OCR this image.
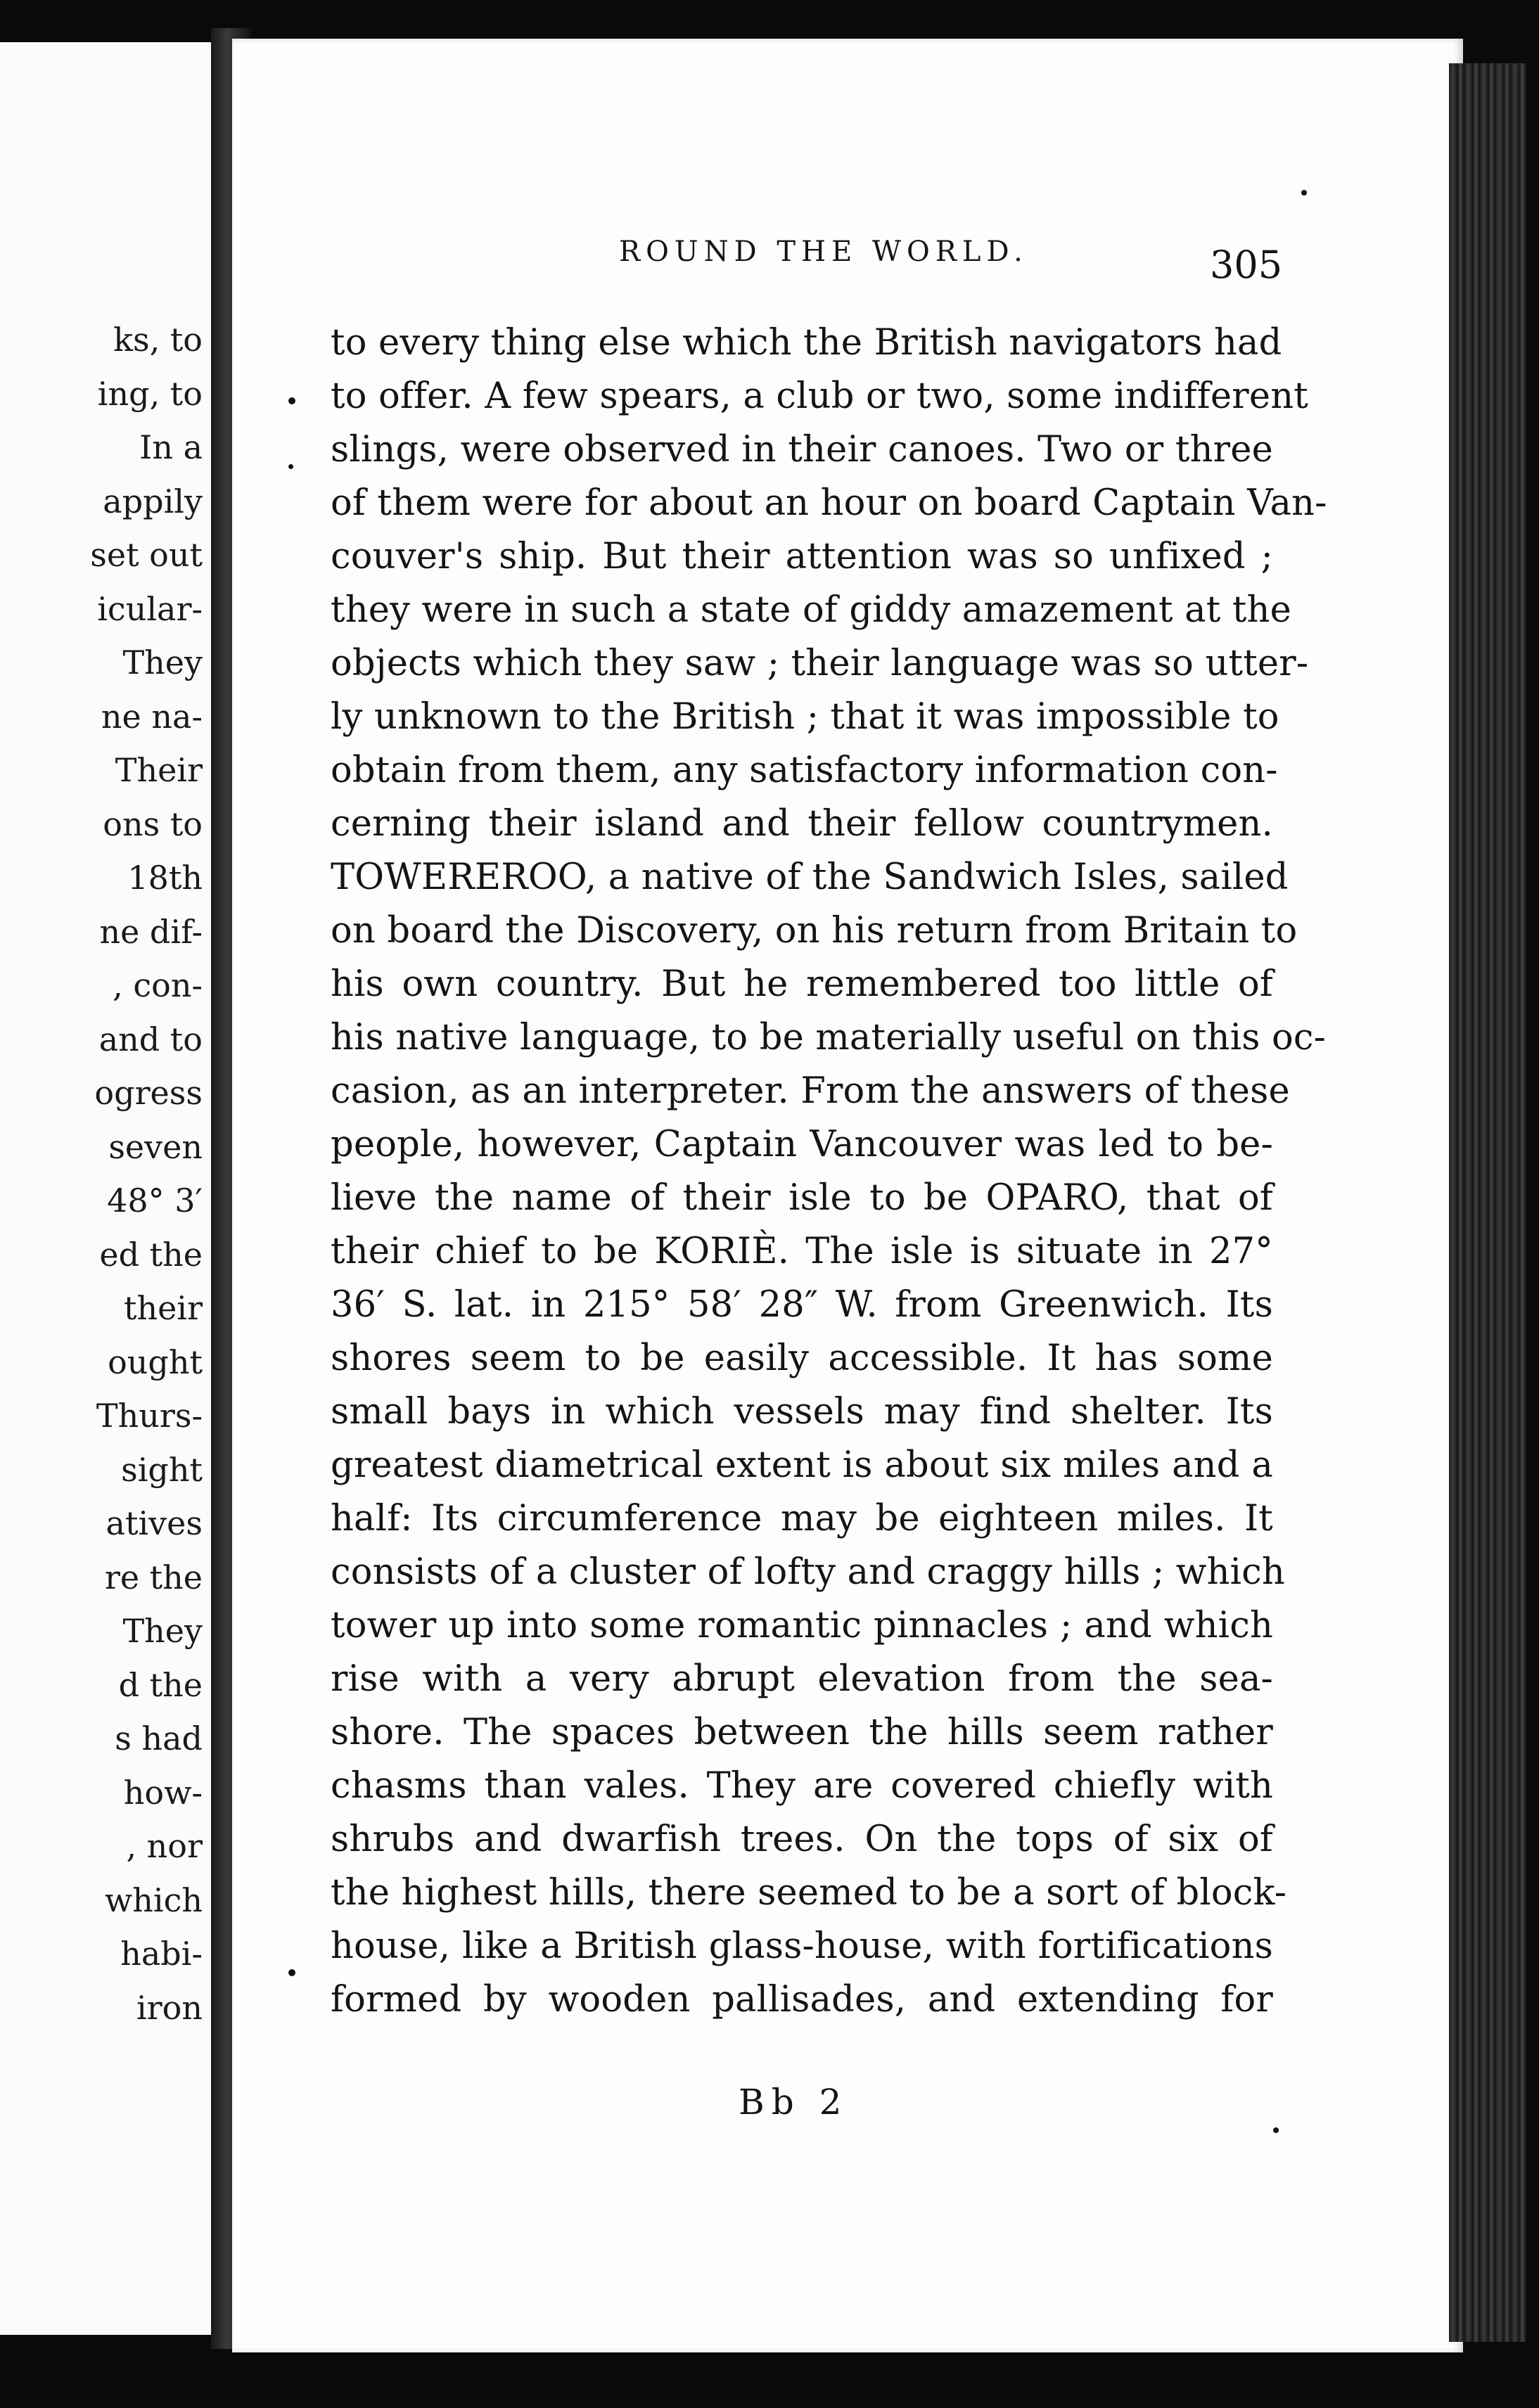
ks, to
ing, to
In a
appily
set out
icular-
They
ne na-
Their
ons to
18th
ne dif-
, con-
and to
ogress
seven
48° 3′
ed the
their
ought
Thurs-
sight
atives
re the
They
d the
s had
how-
, nor
which
habi-
iron
ROUND THE WORLD.	305
to every thing else which the British navigators had
to offer. A few spears, a club or two, some indifferent
slings, were observed in their canoes. Two or three
of them were for about an hour on board Captain Van-
couver's ship. But their attention was so unfixed ;
they were in such a state of giddy amazement at the
objects which they saw ; their language was so utter-
ly unknown to the British ; that it was impossible to
obtain from them, any satisfactory information con-
cerning their island and their fellow countrymen.
TOWEREROO, a native of the Sandwich Isles, sailed
on board the Discovery, on his return from Britain to
his own country. But he remembered too little of
his native language, to be materially useful on this oc-
casion, as an interpreter. From the answers of these
people, however, Captain Vancouver was led to be-
lieve the name of their isle to be OPARO, that of
their chief to be KORIÈ. The isle is situate in 27°
36′ S. lat. in 215° 58′ 28″ W. from Greenwich. Its
shores seem to be easily accessible. It has some
small bays in which vessels may find shelter. Its
greatest diametrical extent is about six miles and a
half: Its circumference may be eighteen miles. It
consists of a cluster of lofty and craggy hills ; which
tower up into some romantic pinnacles ; and which
rise with a very abrupt elevation from the sea-
shore. The spaces between the hills seem rather
chasms than vales. They are covered chiefly with
shrubs and dwarfish trees. On the tops of six of
the highest hills, there seemed to be a sort of block-
house, like a British glass-house, with fortifications
formed by wooden pallisades, and extending for
Bb 2
